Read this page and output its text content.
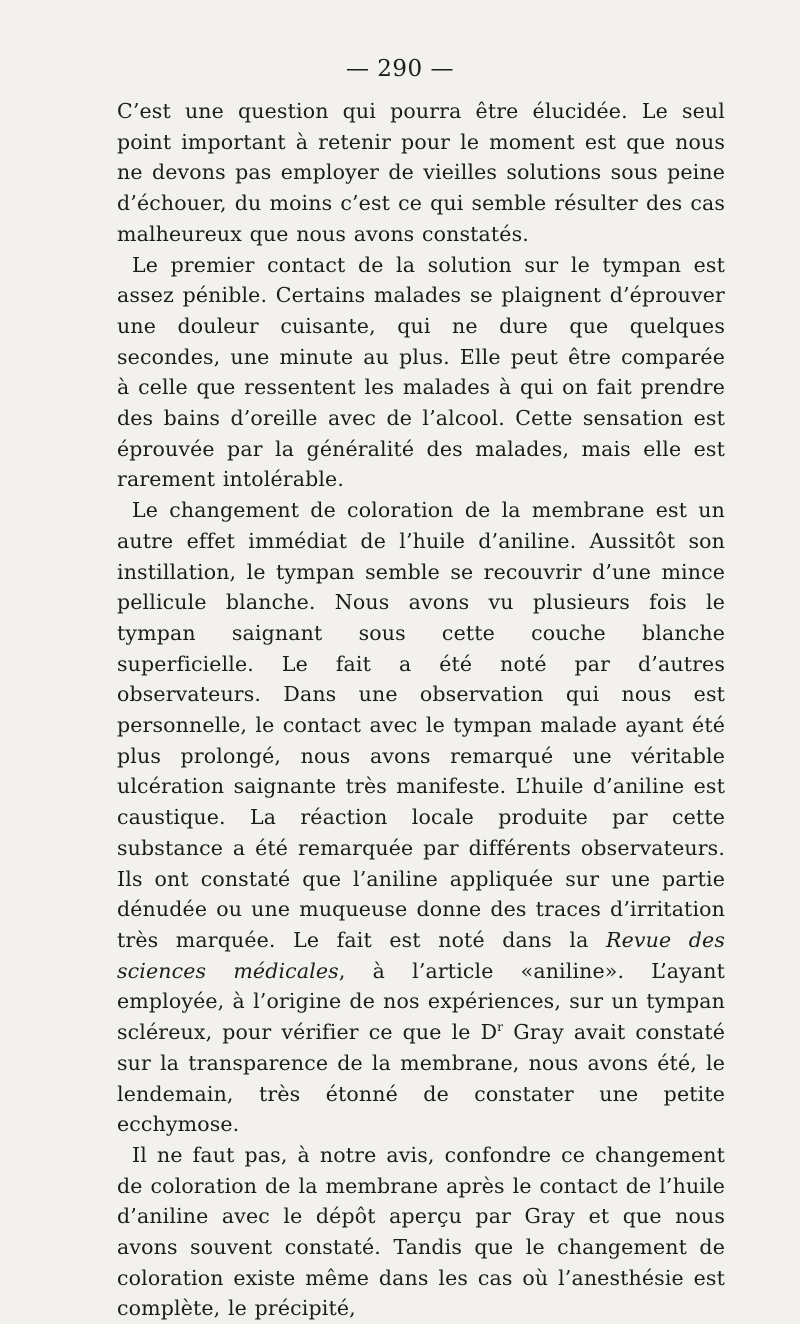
— 290 —

C’est une question qui pourra être élucidée. Le seul point important à retenir pour le moment est que nous ne devons pas employer de vieilles solutions sous peine d’échouer, du moins c’est ce qui semble résulter des cas malheureux que nous avons constatés.

Le premier contact de la solution sur le tympan est assez pénible. Certains malades se plaignent d’éprouver une douleur cuisante, qui ne dure que quelques secondes, une minute au plus. Elle peut être comparée à celle que ressentent les malades à qui on fait prendre des bains d’oreille avec de l’alcool. Cette sensation est éprouvée par la généralité des malades, mais elle est rarement intolérable.

Le changement de coloration de la membrane est un autre effet immédiat de l’huile d’aniline. Aussitôt son instillation, le tympan semble se recouvrir d’une mince pellicule blanche. Nous avons vu plusieurs fois le tympan saignant sous cette couche blanche superficielle. Le fait a été noté par d’autres observateurs. Dans une observation qui nous est personnelle, le contact avec le tympan malade ayant été plus prolongé, nous avons remarqué une véritable ulcération saignante très manifeste. L’huile d’aniline est caustique. La réaction locale produite par cette substance a été remarquée par différents observateurs. Ils ont constaté que l’aniline appliquée sur une partie dénudée ou une muqueuse donne des traces d’irritation très marquée. Le fait est noté dans la Revue des sciences médicales, à l’article «aniline». L’ayant employée, à l’origine de nos expériences, sur un tympan scléreux, pour vérifier ce que le $D^r$ Gray avait constaté sur la transparence de la membrane, nous avons été, le lendemain, très étonné de constater une petite ecchymose.

Il ne faut pas, à notre avis, confondre ce changement de coloration de la membrane après le contact de l’huile d’aniline avec le dépôt aperçu par Gray et que nous avons souvent constaté. Tandis que le changement de coloration existe même dans les cas où l’anesthésie est complète, le précipité,
